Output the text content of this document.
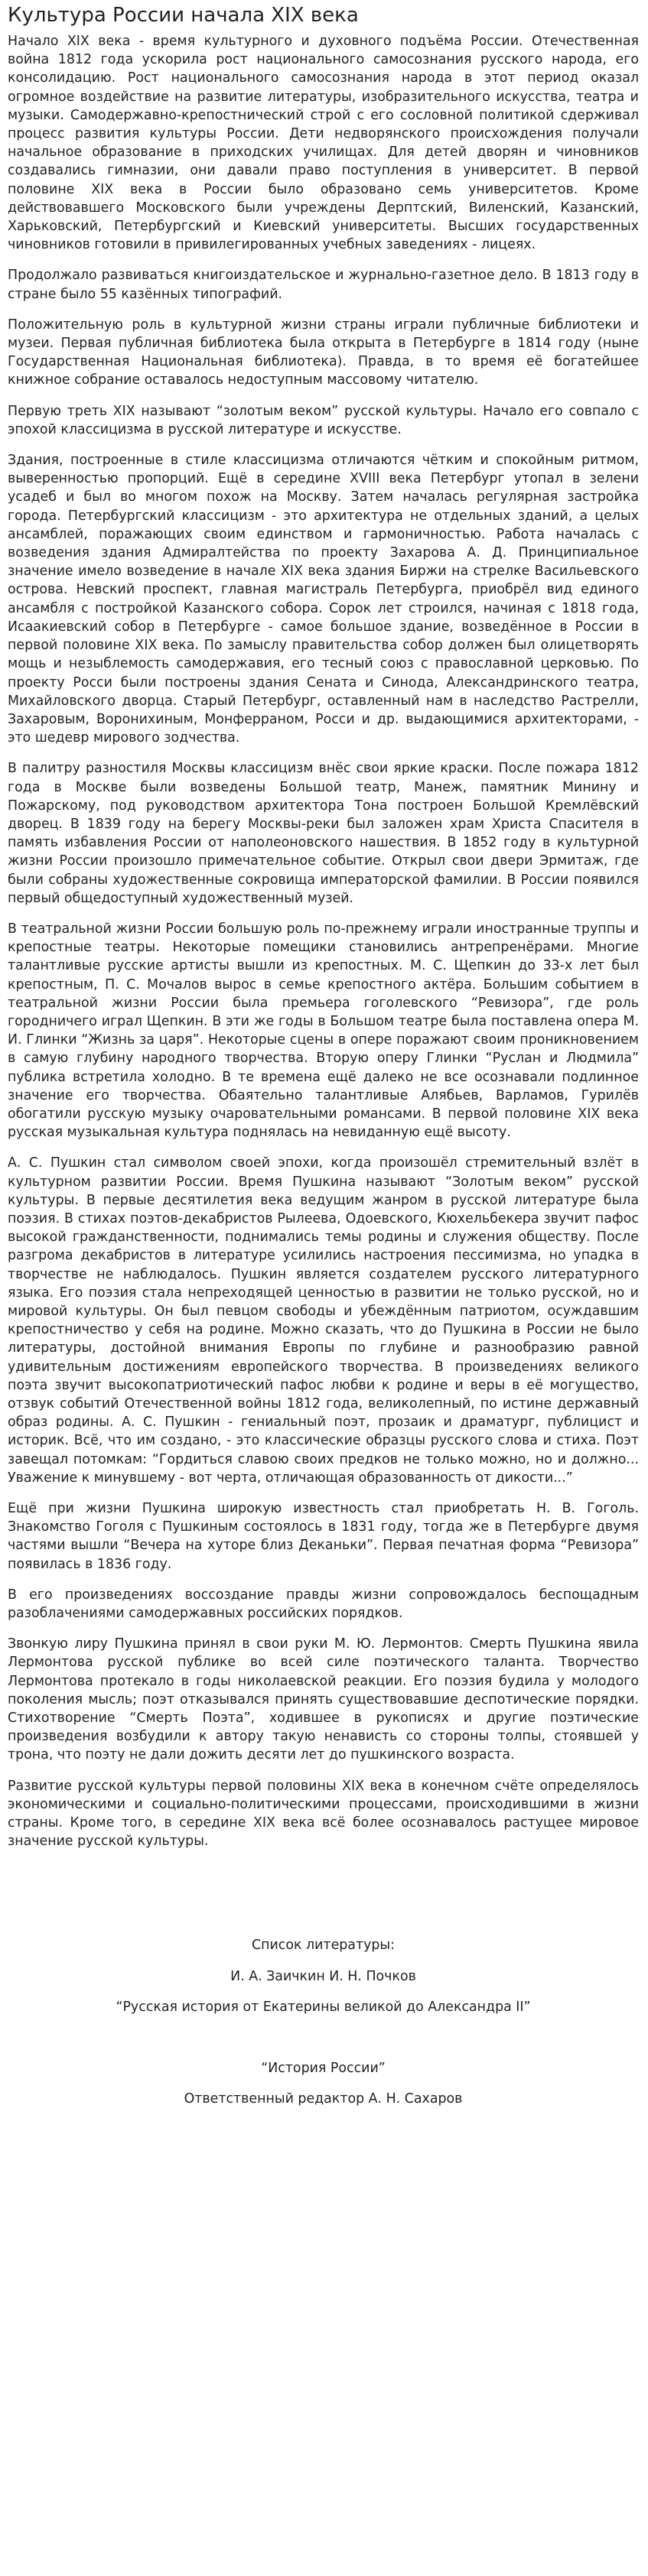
Культура России начала XIX века

Начало XIX века - время культурного и духовного подъёма России. Отечественная война 1812 года ускорила рост национального самосознания русского народа, его консолидацию. Рост национального самосознания народа в этот период оказал огромное воздействие на развитие литературы, изобразительного искусства, театра и музыки. Самодержавно-крепостнический строй с его сословной политикой сдерживал процесс развития культуры России. Дети недворянского происхождения получали начальное образование в приходских училищах. Для детей дворян и чиновников создавались гимназии, они давали право поступления в университет. В первой половине XIX века в России было образовано семь университетов. Кроме действовавшего Московского были учреждены Дерптский, Виленский, Казанский, Харьковский, Петербургский и Киевский университеты. Высших государственных чиновников готовили в привилегированных учебных заведениях - лицеях.

Продолжало развиваться книгоиздательское и журнально-газетное дело. В 1813 году в стране было 55 казённых типографий.

Положительную роль в культурной жизни страны играли публичные библиотеки и музеи. Первая публичная библиотека была открыта в Петербурге в 1814 году (ныне Государственная Национальная библиотека). Правда, в то время её богатейшее книжное собрание оставалось недоступным массовому читателю.

Первую треть XIX называют “золотым веком” русской культуры. Начало его совпало с эпохой классицизма в русской литературе и искусстве.

Здания, построенные в стиле классицизма отличаются чётким и спокойным ритмом, выверенностью пропорций. Ещё в середине XVIII века Петербург утопал в зелени усадеб и был во многом похож на Москву. Затем началась регулярная застройка города. Петербургский классицизм - это архитектура не отдельных зданий, а целых ансамблей, поражающих своим единством и гармоничностью. Работа началась с возведения здания Адмиралтейства по проекту Захарова А. Д. Принципиальное значение имело возведение в начале XIX века здания Биржи на стрелке Васильевского острова. Невский проспект, главная магистраль Петербурга, приобрёл вид единого ансамбля с постройкой Казанского собора. Сорок лет строился, начиная с 1818 года, Исаакиевский собор в Петербурге - самое большое здание, возведённое в России в первой половине XIX века. По замыслу правительства собор должен был олицетворять мощь и незыблемость самодержавия, его тесный союз с православной церковью. По проекту Росси были построены здания Сената и Синода, Александринского театра, Михайловского дворца. Старый Петербург, оставленный нам в наследство Растрелли, Захаровым, Воронихиным, Монферраном, Росси и др. выдающимися архитекторами, - это шедевр мирового зодчества.

В палитру разностиля Москвы классицизм внёс свои яркие краски. После пожара 1812 года в Москве были возведены Большой театр, Манеж, памятник Минину и Пожарскому, под руководством архитектора Тона построен Большой Кремлёвский дворец. В 1839 году на берегу Москвы-реки был заложен храм Христа Спасителя в память избавления России от наполеоновского нашествия. В 1852 году в культурной жизни России произошло примечательное событие. Открыл свои двери Эрмитаж, где были собраны художественные сокровища императорской фамилии. В России появился первый общедоступный художественный музей.

В театральной жизни России большую роль по-прежнему играли иностранные труппы и крепостные театры. Некоторые помещики становились антрепренёрами. Многие талантливые русские артисты вышли из крепостных. М. С. Щепкин до 33-х лет был крепостным, П. С. Мочалов вырос в семье крепостного актёра. Большим событием в театральной жизни России была премьера гоголевского “Ревизора”, где роль городничего играл Щепкин. В эти же годы в Большом театре была поставлена опера М. И. Глинки “Жизнь за царя”. Некоторые сцены в опере поражают своим проникновением в самую глубину народного творчества. Вторую оперу Глинки “Руслан и Людмила” публика встретила холодно. В те времена ещё далеко не все осознавали подлинное значение его творчества. Обаятельно талантливые Алябьев, Варламов, Гурилёв обогатили русскую музыку очаровательными романсами. В первой половине XIX века русская музыкальная культура поднялась на невиданную ещё высоту.

А. С. Пушкин стал символом своей эпохи, когда произошёл стремительный взлёт в культурном развитии России. Время Пушкина называют “Золотым веком” русской культуры. В первые десятилетия века ведущим жанром в русской литературе была поэзия. В стихах поэтов-декабристов Рылеева, Одоевского, Кюхельбекера звучит пафос высокой гражданственности, поднимались темы родины и служения обществу. После разгрома декабристов в литературе усилились настроения пессимизма, но упадка в творчестве не наблюдалось. Пушкин является создателем русского литературного языка. Его поэзия стала непреходящей ценностью в развитии не только русской, но и мировой культуры. Он был певцом свободы и убеждённым патриотом, осуждавшим крепостничество у себя на родине. Можно сказать, что до Пушкина в России не было литературы, достойной внимания Европы по глубине и разнообразию равной удивительным достижениям европейского творчества. В произведениях великого поэта звучит высокопатриотический пафос любви к родине и веры в её могущество, отзвук событий Отечественной войны 1812 года, великолепный, по истине державный образ родины. А. С. Пушкин - гениальный поэт, прозаик и драматург, публицист и историк. Всё, что им создано, - это классические образцы русского слова и стиха. Поэт завещал потомкам: “Гордиться славою своих предков не только можно, но и должно... Уважение к минувшему - вот черта, отличающая образованность от дикости...”

Ещё при жизни Пушкина широкую известность стал приобретать Н. В. Гоголь. Знакомство Гоголя с Пушкиным состоялось в 1831 году, тогда же в Петербурге двумя частями вышли “Вечера на хуторе близ Деканьки”. Первая печатная форма “Ревизора” появилась в 1836 году.

В его произведениях воссоздание правды жизни сопровождалось беспощадным разоблачениями самодержавных российских порядков.

Звонкую лиру Пушкина принял в свои руки М. Ю. Лермонтов. Смерть Пушкина явила Лермонтова русской публике во всей силе поэтического таланта. Творчество Лермонтова протекало в годы николаевской реакции. Его поэзия будила у молодого поколения мысль; поэт отказывался принять существовавшие деспотические порядки. Стихотворение “Смерть Поэта”, ходившее в рукописях и другие поэтические произведения возбудили к автору такую ненависть со стороны толпы, стоявшей у трона, что поэту не дали дожить десяти лет до пушкинского возраста.

Развитие русской культуры первой половины XIX века в конечном счёте определялось экономическими и социально-политическими процессами, происходившими в жизни страны. Кроме того, в середине XIX века всё более осознавалось растущее мировое значение русской культуры.

Список литературы:
И. А. Заичкин И. Н. Почков
“Русская история от Екатерины великой до Александра II”
“История России”
Ответственный редактор А. Н. Сахаров
